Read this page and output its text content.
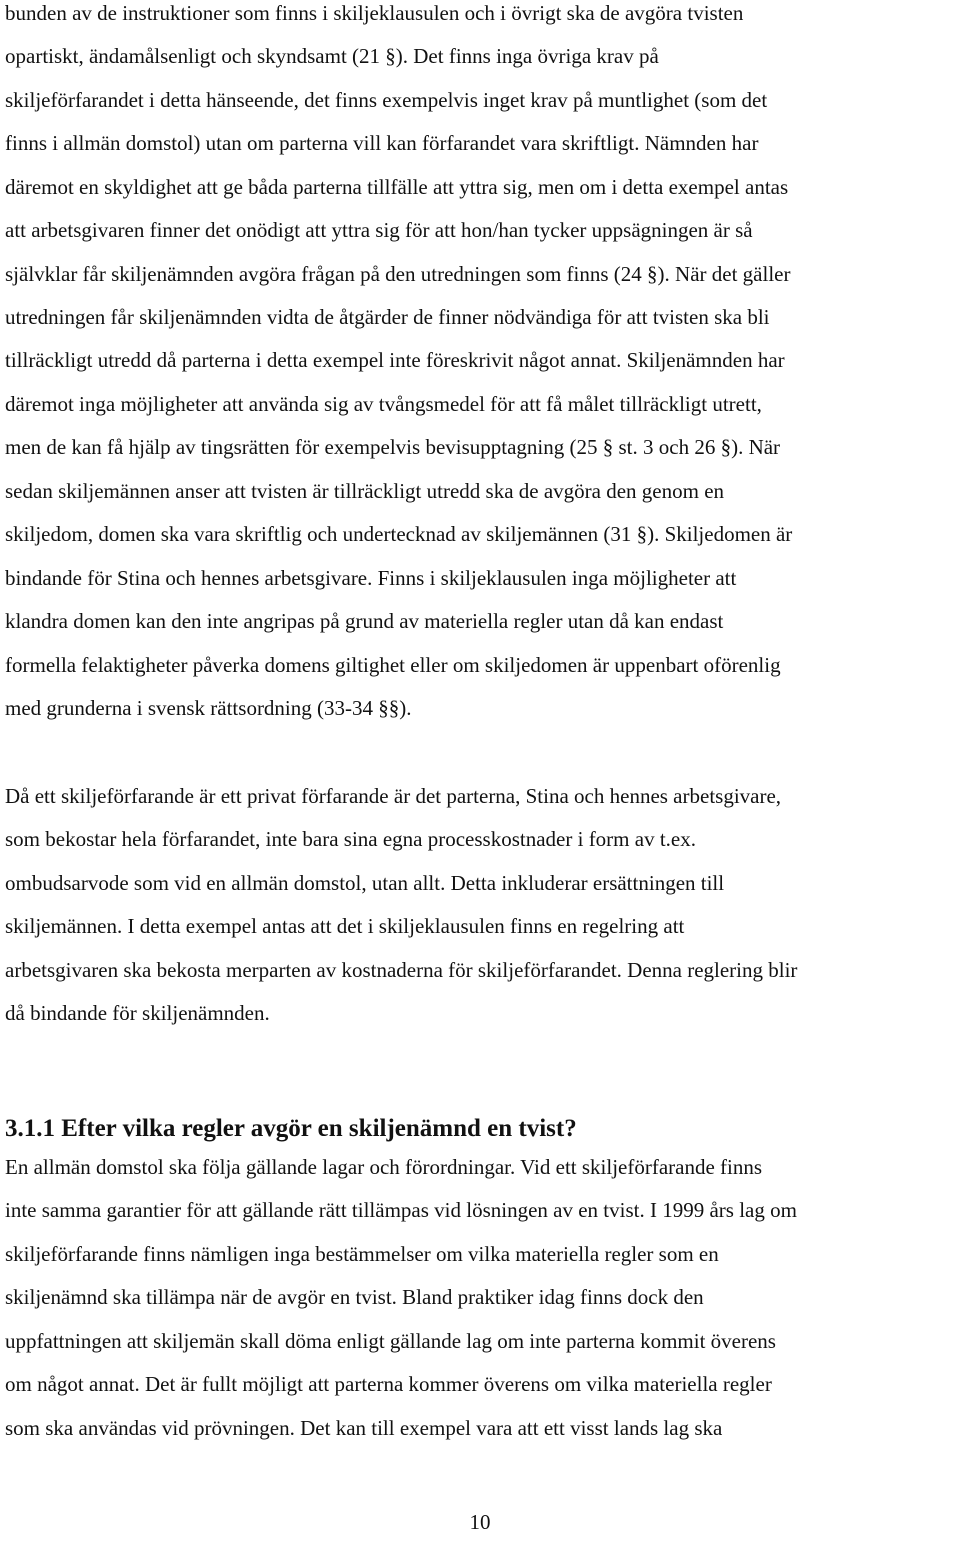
bunden av de instruktioner som finns i skiljeklausulen och i övrigt ska de avgöra tvisten
opartiskt, ändamålsenligt och skyndsamt (21 §). Det finns inga övriga krav på
skiljeförfarandet i detta hänseende, det finns exempelvis inget krav på muntlighet (som det
finns i allmän domstol) utan om parterna vill kan förfarandet vara skriftligt. Nämnden har
däremot en skyldighet att ge båda parterna tillfälle att yttra sig, men om i detta exempel antas
att arbetsgivaren finner det onödigt att yttra sig för att hon/han tycker uppsägningen är så
självklar får skiljenämnden avgöra frågan på den utredningen som finns (24 §). När det gäller
utredningen får skiljenämnden vidta de åtgärder de finner nödvändiga för att tvisten ska bli
tillräckligt utredd då parterna i detta exempel inte föreskrivit något annat. Skiljenämnden har
däremot inga möjligheter att använda sig av tvångsmedel för att få målet tillräckligt utrett,
men de kan få hjälp av tingsrätten för exempelvis bevisupptagning (25 § st. 3 och 26 §). När
sedan skiljemännen anser att tvisten är tillräckligt utredd ska de avgöra den genom en
skiljedom, domen ska vara skriftlig och undertecknad av skiljemännen (31 §). Skiljedomen är
bindande för Stina och hennes arbetsgivare. Finns i skiljeklausulen inga möjligheter att
klandra domen kan den inte angripas på grund av materiella regler utan då kan endast
formella felaktigheter påverka domens giltighet eller om skiljedomen är uppenbart oförenlig
med grunderna i svensk rättsordning (33-34 §§).
Då ett skiljeförfarande är ett privat förfarande är det parterna, Stina och hennes arbetsgivare,
som bekostar hela förfarandet, inte bara sina egna processkostnader i form av t.ex.
ombudsarvode som vid en allmän domstol, utan allt. Detta inkluderar ersättningen till
skiljemännen. I detta exempel antas att det i skiljeklausulen finns en regelring att
arbetsgivaren ska bekosta merparten av kostnaderna för skiljeförfarandet. Denna reglering blir
då bindande för skiljenämnden.
3.1.1 Efter vilka regler avgör en skiljenämnd en tvist?
En allmän domstol ska följa gällande lagar och förordningar. Vid ett skiljeförfarande finns
inte samma garantier för att gällande rätt tillämpas vid lösningen av en tvist. I 1999 års lag om
skiljeförfarande finns nämligen inga bestämmelser om vilka materiella regler som en
skiljenämnd ska tillämpa när de avgör en tvist. Bland praktiker idag finns dock den
uppfattningen att skiljemän skall döma enligt gällande lag om inte parterna kommit överens
om något annat. Det är fullt möjligt att parterna kommer överens om vilka materiella regler
som ska användas vid prövningen. Det kan till exempel vara att ett visst lands lag ska
10
